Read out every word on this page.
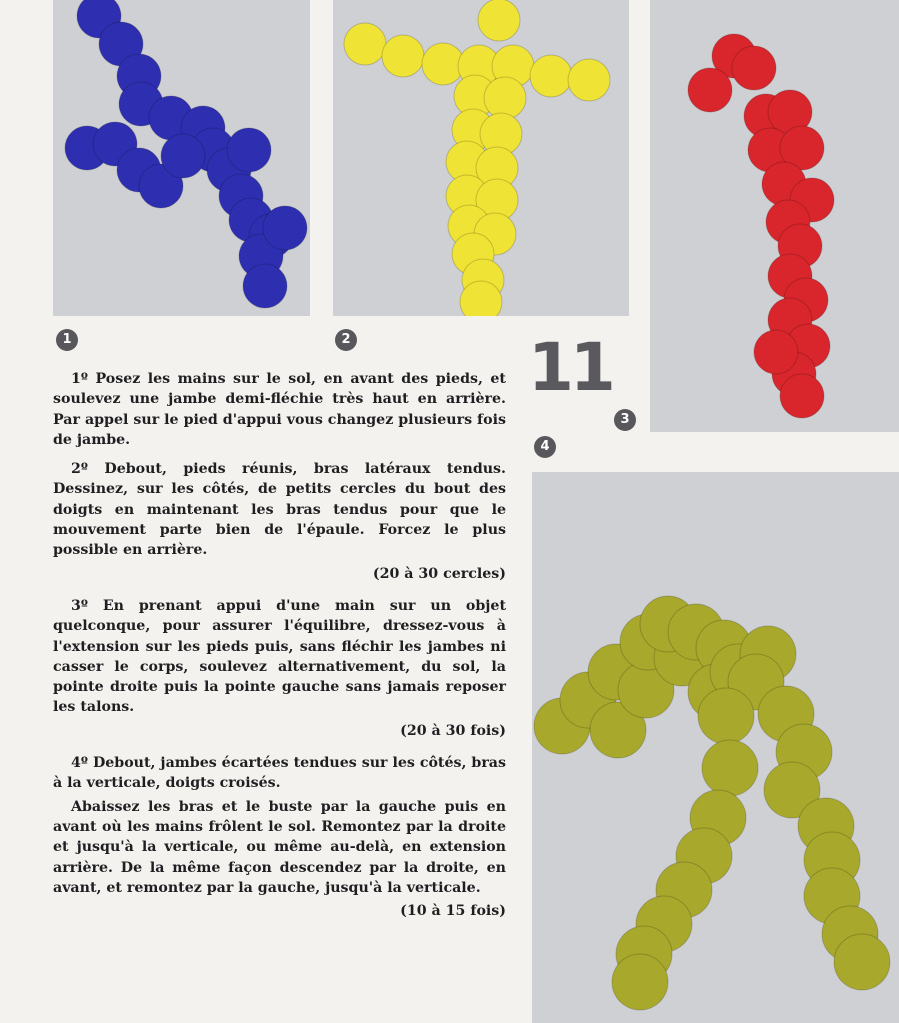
1	2
3
4
11

1º Posez les mains sur le sol, en avant des pieds, et soulevez une jambe demi-fléchie très haut en arrière. Par appel sur le pied d'appui vous changez plusieurs fois de jambe.

2º Debout, pieds réunis, bras latéraux tendus. Dessinez, sur les côtés, de petits cercles du bout des doigts en maintenant les bras tendus pour que le mouvement parte bien de l'épaule. Forcez le plus possible en arrière.

(20 à 30 cercles)

3º En prenant appui d'une main sur un objet quelconque, pour assurer l'équilibre, dressez-vous à l'extension sur les pieds puis, sans fléchir les jambes ni casser le corps, soulevez alternativement, du sol, la pointe droite puis la pointe gauche sans jamais reposer les talons.

(20 à 30 fois)

4º Debout, jambes écartées tendues sur les côtés, bras à la verticale, doigts croisés.

Abaissez les bras et le buste par la gauche puis en avant où les mains frôlent le sol. Remontez par la droite et jusqu'à la verticale, ou même au-delà, en extension arrière. De la même façon descendez par la droite, en avant, et remontez par la gauche, jusqu'à la verticale.

(10 à 15 fois)
